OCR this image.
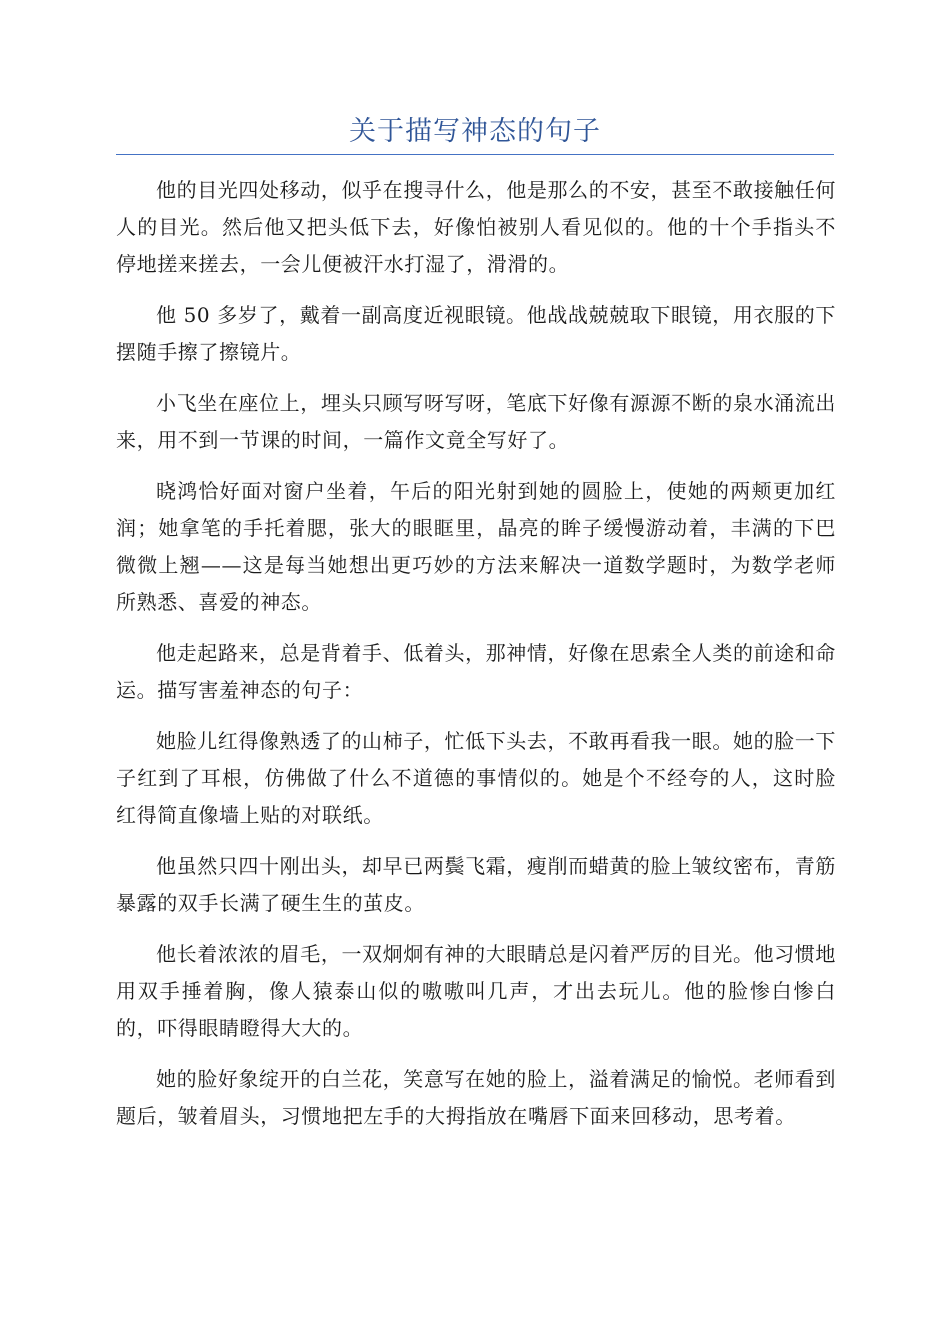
关于描写神态的句子

他的目光四处移动，似乎在搜寻什么，他是那么的不安，甚至不敢接触任何人的目光。然后他又把头低下去，好像怕被别人看见似的。他的十个手指头不停地搓来搓去，一会儿便被汗水打湿了，滑滑的。

他 50 多岁了，戴着一副高度近视眼镜。他战战兢兢取下眼镜，用衣服的下摆随手擦了擦镜片。

小飞坐在座位上，埋头只顾写呀写呀，笔底下好像有源源不断的泉水涌流出来，用不到一节课的时间，一篇作文竟全写好了。

晓鸿恰好面对窗户坐着，午后的阳光射到她的圆脸上，使她的两颊更加红润；她拿笔的手托着腮，张大的眼眶里，晶亮的眸子缓慢游动着，丰满的下巴微微上翘——这是每当她想出更巧妙的方法来解决一道数学题时，为数学老师所熟悉、喜爱的神态。

他走起路来，总是背着手、低着头，那神情，好像在思索全人类的前途和命运。描写害羞神态的句子：

她脸儿红得像熟透了的山柿子，忙低下头去，不敢再看我一眼。她的脸一下子红到了耳根，仿佛做了什么不道德的事情似的。她是个不经夸的人，这时脸红得简直像墙上贴的对联纸。

他虽然只四十刚出头，却早已两鬓飞霜，瘦削而蜡黄的脸上皱纹密布，青筋暴露的双手长满了硬生生的茧皮。

他长着浓浓的眉毛，一双炯炯有神的大眼睛总是闪着严厉的目光。他习惯地用双手捶着胸，像人猿泰山似的嗷嗷叫几声，才出去玩儿。他的脸惨白惨白的，吓得眼睛瞪得大大的。

她的脸好象绽开的白兰花，笑意写在她的脸上，溢着满足的愉悦。老师看到题后，皱着眉头，习惯地把左手的大拇指放在嘴唇下面来回移动，思考着。
